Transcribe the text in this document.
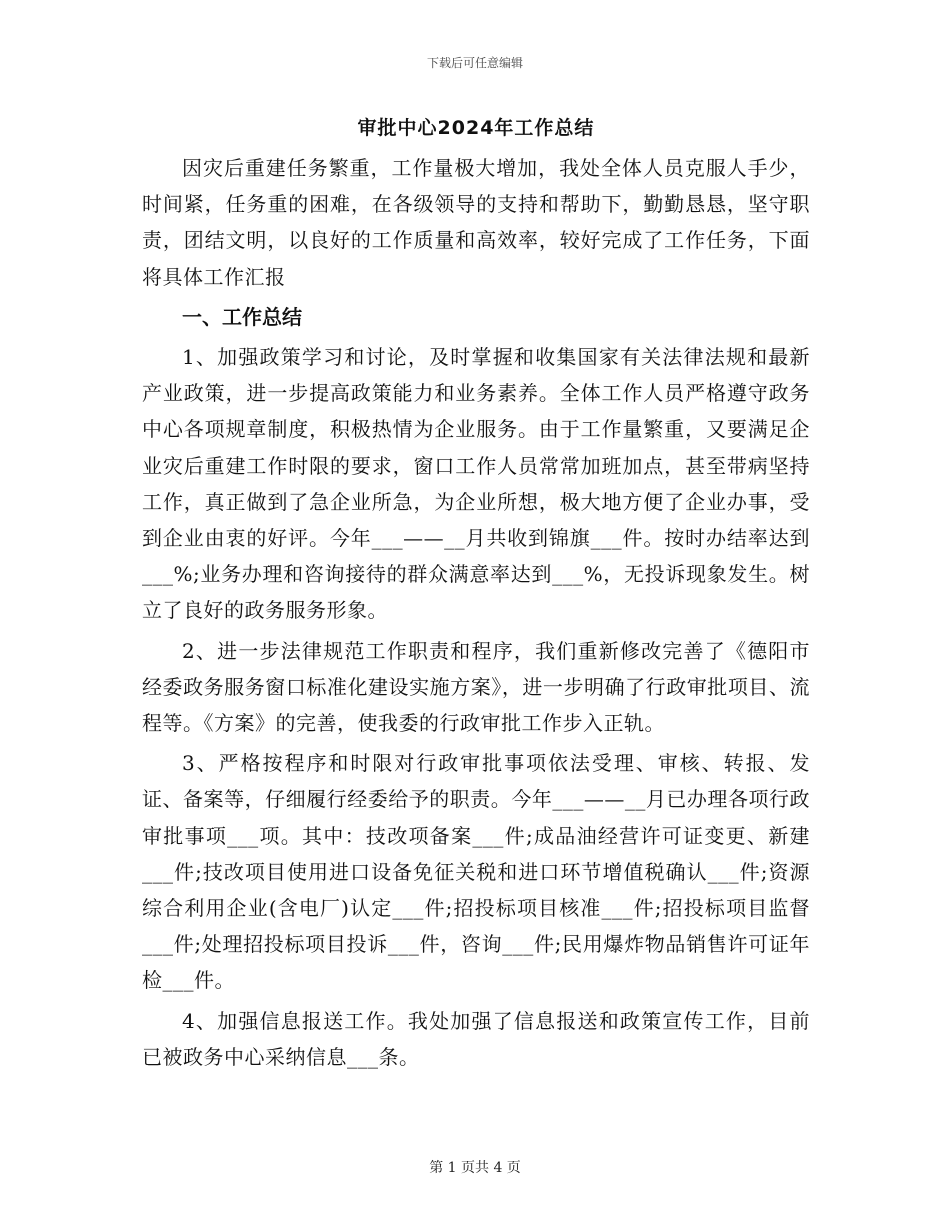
下载后可任意编辑
审批中心2024年工作总结

因灾后重建任务繁重，工作量极大增加，我处全体人员克服人手少，时间紧，任务重的困难，在各级领导的支持和帮助下，勤勤恳恳，坚守职责，团结文明，以良好的工作质量和高效率，较好完成了工作任务，下面将具体工作汇报

一、工作总结

1、加强政策学习和讨论，及时掌握和收集国家有关法律法规和最新产业政策，进一步提高政策能力和业务素养。全体工作人员严格遵守政务中心各项规章制度，积极热情为企业服务。由于工作量繁重，又要满足企业灾后重建工作时限的要求，窗口工作人员常常加班加点，甚至带病坚持工作，真正做到了急企业所急，为企业所想，极大地方便了企业办事，受到企业由衷的好评。今年___——__月共收到锦旗___件。按时办结率达到___%;业务办理和咨询接待的群众满意率达到___%，无投诉现象发生。树立了良好的政务服务形象。

2、进一步法律规范工作职责和程序，我们重新修改完善了《德阳市经委政务服务窗口标准化建设实施方案》，进一步明确了行政审批项目、流程等。《方案》的完善，使我委的行政审批工作步入正轨。

3、严格按程序和时限对行政审批事项依法受理、审核、转报、发证、备案等，仔细履行经委给予的职责。今年___——__月已办理各项行政审批事项___项。其中：技改项备案___件;成品油经营许可证变更、新建___件;技改项目使用进口设备免征关税和进口环节增值税确认___件;资源综合利用企业(含电厂)认定___件;招投标项目核准___件;招投标项目监督___件;处理招投标项目投诉___件，咨询___件;民用爆炸物品销售许可证年检___件。

4、加强信息报送工作。我处加强了信息报送和政策宣传工作，目前已被政务中心采纳信息___条。

第 1 页共 4 页
